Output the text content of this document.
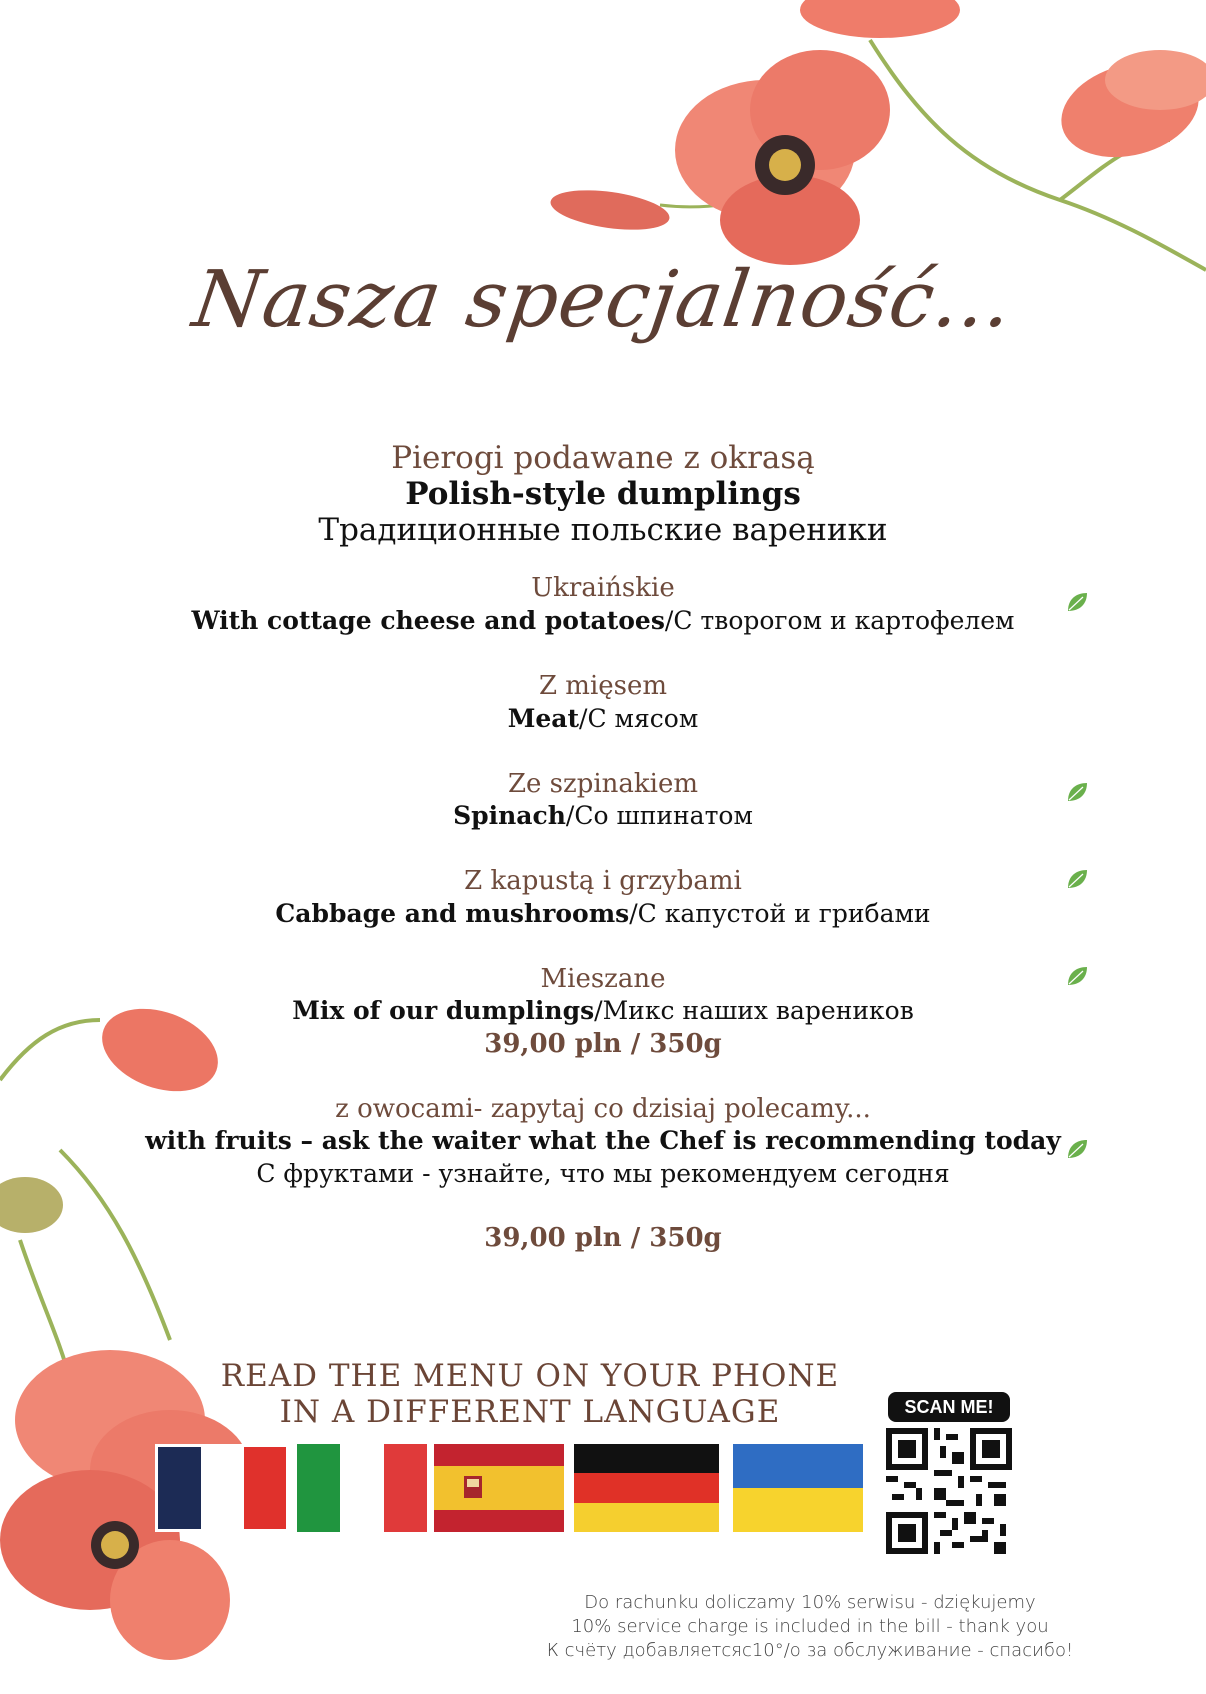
Nasza specjalność...
Pierogi podawane z okrasą
Polish-style dumplings
Традиционные польские вареники
Ukraińskie
With cottage cheese and potatoes/С творогом и картофелем
Z mięsem
Meat/С мясом
Ze szpinakiem
Spinach/Со шпинатом
Z kapustą i grzybami
Cabbage and mushrooms/С капустой и грибами
Mieszane
Mix of our dumplings/Микс наших вареников
39,00 pln / 350g
z owocami- zapytaj co dzisiaj polecamy...
with fruits – ask the waiter what the Chef is recommending today
С фруктами - узнайте, что мы рекомендуем сегодня
39,00 pln / 350g
READ THE MENU ON YOUR PHONE
IN A DIFFERENT LANGUAGE	SCAN ME!
Do rachunku doliczamy 10% serwisu - dziękujemy
10% service charge is included in the bill - thank you
К счёту добавляетсяс10°/о за обслуживание - спасибо!
